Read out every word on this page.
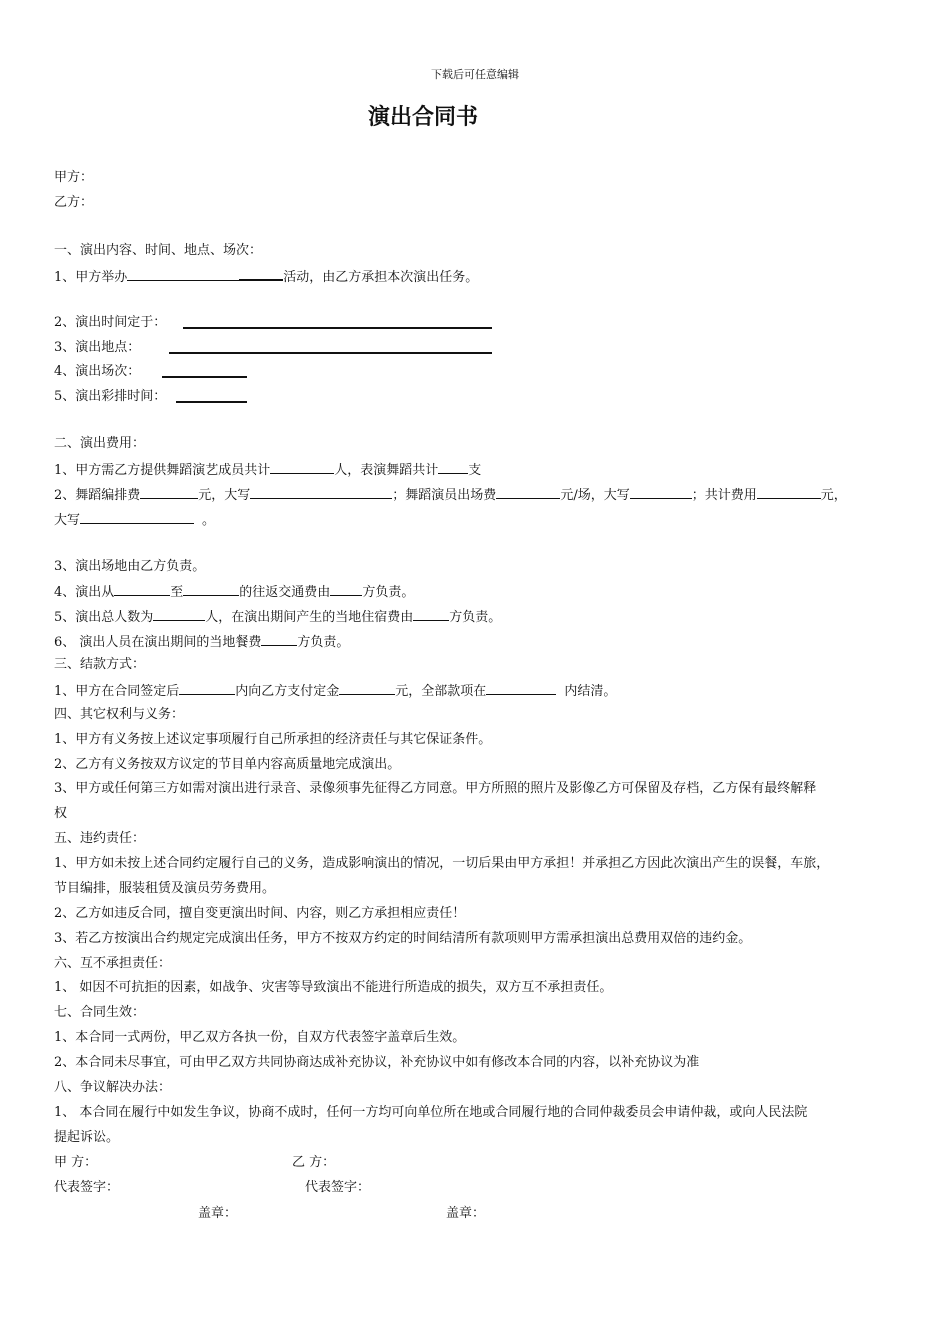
下载后可任意编辑
演出合同书
甲方：
乙方：
一、演出内容、时间、地点、场次：
1、甲方举办	活动，由乙方承担本次演出任务。
2、演出时间定于：
3、演出地点：
4、演出场次：
5、演出彩排时间：
二、演出费用：
1、甲方需乙方提供舞蹈演艺成员共计	人，表演舞蹈共计 支
2、舞蹈编排费	元，大写	；舞蹈演员出场费	元/场，大写	；共计费用	元，
大写	。
3、演出场地由乙方负责。
4、演出从	至	的往返交通费由 方负责。
5、演出总人数为	人，在演出期间产生的当地住宿费由	方负责。
6、 演出人员在演出期间的当地餐费	方负责。
三、结款方式：
1、甲方在合同签定后	内向乙方支付定金	元，全部款项在	内结清。
四、其它权利与义务：
1、甲方有义务按上述议定事项履行自己所承担的经济责任与其它保证条件。
2、乙方有义务按双方议定的节目单内容高质量地完成演出。
3、甲方或任何第三方如需对演出进行录音、录像须事先征得乙方同意。甲方所照的照片及影像乙方可保留及存档，乙方保有最终解释
权
五、违约责任：
1、甲方如未按上述合同约定履行自己的义务，造成影响演出的情况，一切后果由甲方承担！并承担乙方因此次演出产生的误餐，车旅，
节目编排，服装租赁及演员劳务费用。
2、乙方如违反合同，擅自变更演出时间、内容，则乙方承担相应责任！
3、若乙方按演出合约规定完成演出任务，甲方不按双方约定的时间结清所有款项则甲方需承担演出总费用双倍的违约金。
六、互不承担责任：
1、 如因不可抗拒的因素，如战争、灾害等导致演出不能进行所造成的损失，双方互不承担责任。
七、合同生效：
1、本合同一式两份，甲乙双方各执一份，自双方代表签字盖章后生效。
2、本合同未尽事宜，可由甲乙双方共同协商达成补充协议，补充协议中如有修改本合同的内容，以补充协议为准
八、争议解决办法：
1、 本合同在履行中如发生争议，协商不成时，任何一方均可向单位所在地或合同履行地的合同仲裁委员会申请仲裁，或向人民法院
提起诉讼。
甲 方：	乙 方：
代表签字：	代表签字：
盖章：	盖章：
